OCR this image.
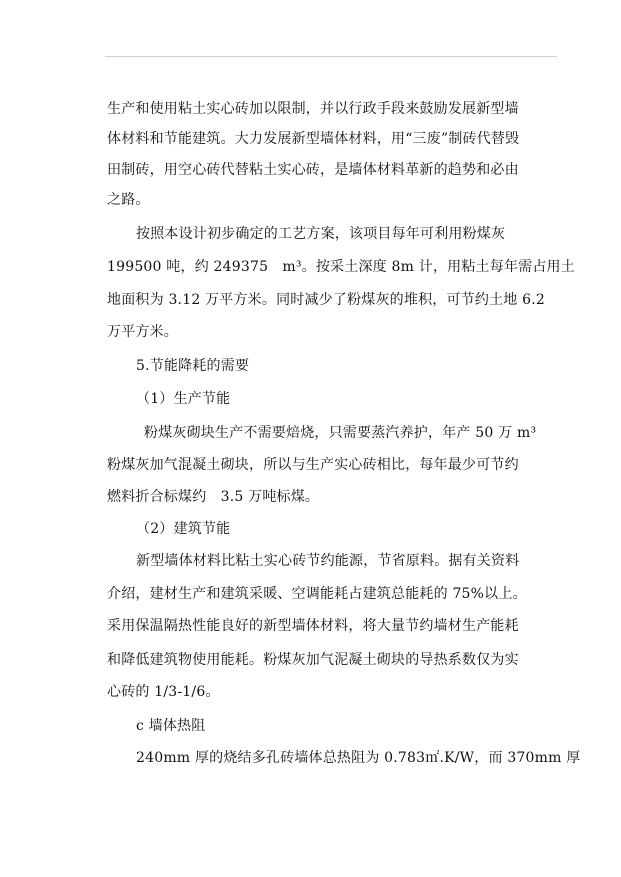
生产和使用粘土实心砖加以限制，并以行政手段来鼓励发展新型墙
体材料和节能建筑。大力发展新型墙体材料，用“三废”制砖代替毁
田制砖，用空心砖代替粘土实心砖，是墙体材料革新的趋势和必由
之路。
按照本设计初步确定的工艺方案，该项目每年可利用粉煤灰
199500 吨，约 249375　m³。按采土深度 8m 计，用粘土每年需占用土
地面积为 3.12 万平方米。同时减少了粉煤灰的堆积，可节约土地 6.2
万平方米。
5.节能降耗的需要
（1）生产节能
粉煤灰砌块生产不需要焙烧，只需要蒸汽养护，年产 50 万 m³
粉煤灰加气混凝土砌块，所以与生产实心砖相比，每年最少可节约
燃料折合标煤约　3.5 万吨标煤。
（2）建筑节能
新型墙体材料比粘土实心砖节约能源，节省原料。据有关资料
介绍，建材生产和建筑采暖、空调能耗占建筑总能耗的 75%以上。
采用保温隔热性能良好的新型墙体材料，将大量节约墙材生产能耗
和降低建筑物使用能耗。粉煤灰加气泥凝土砌块的导热系数仅为实
心砖的 1/3-1/6。
c 墙体热阻
240mm 厚的烧结多孔砖墙体总热阻为 0.783㎡.K/W，而 370mm 厚
